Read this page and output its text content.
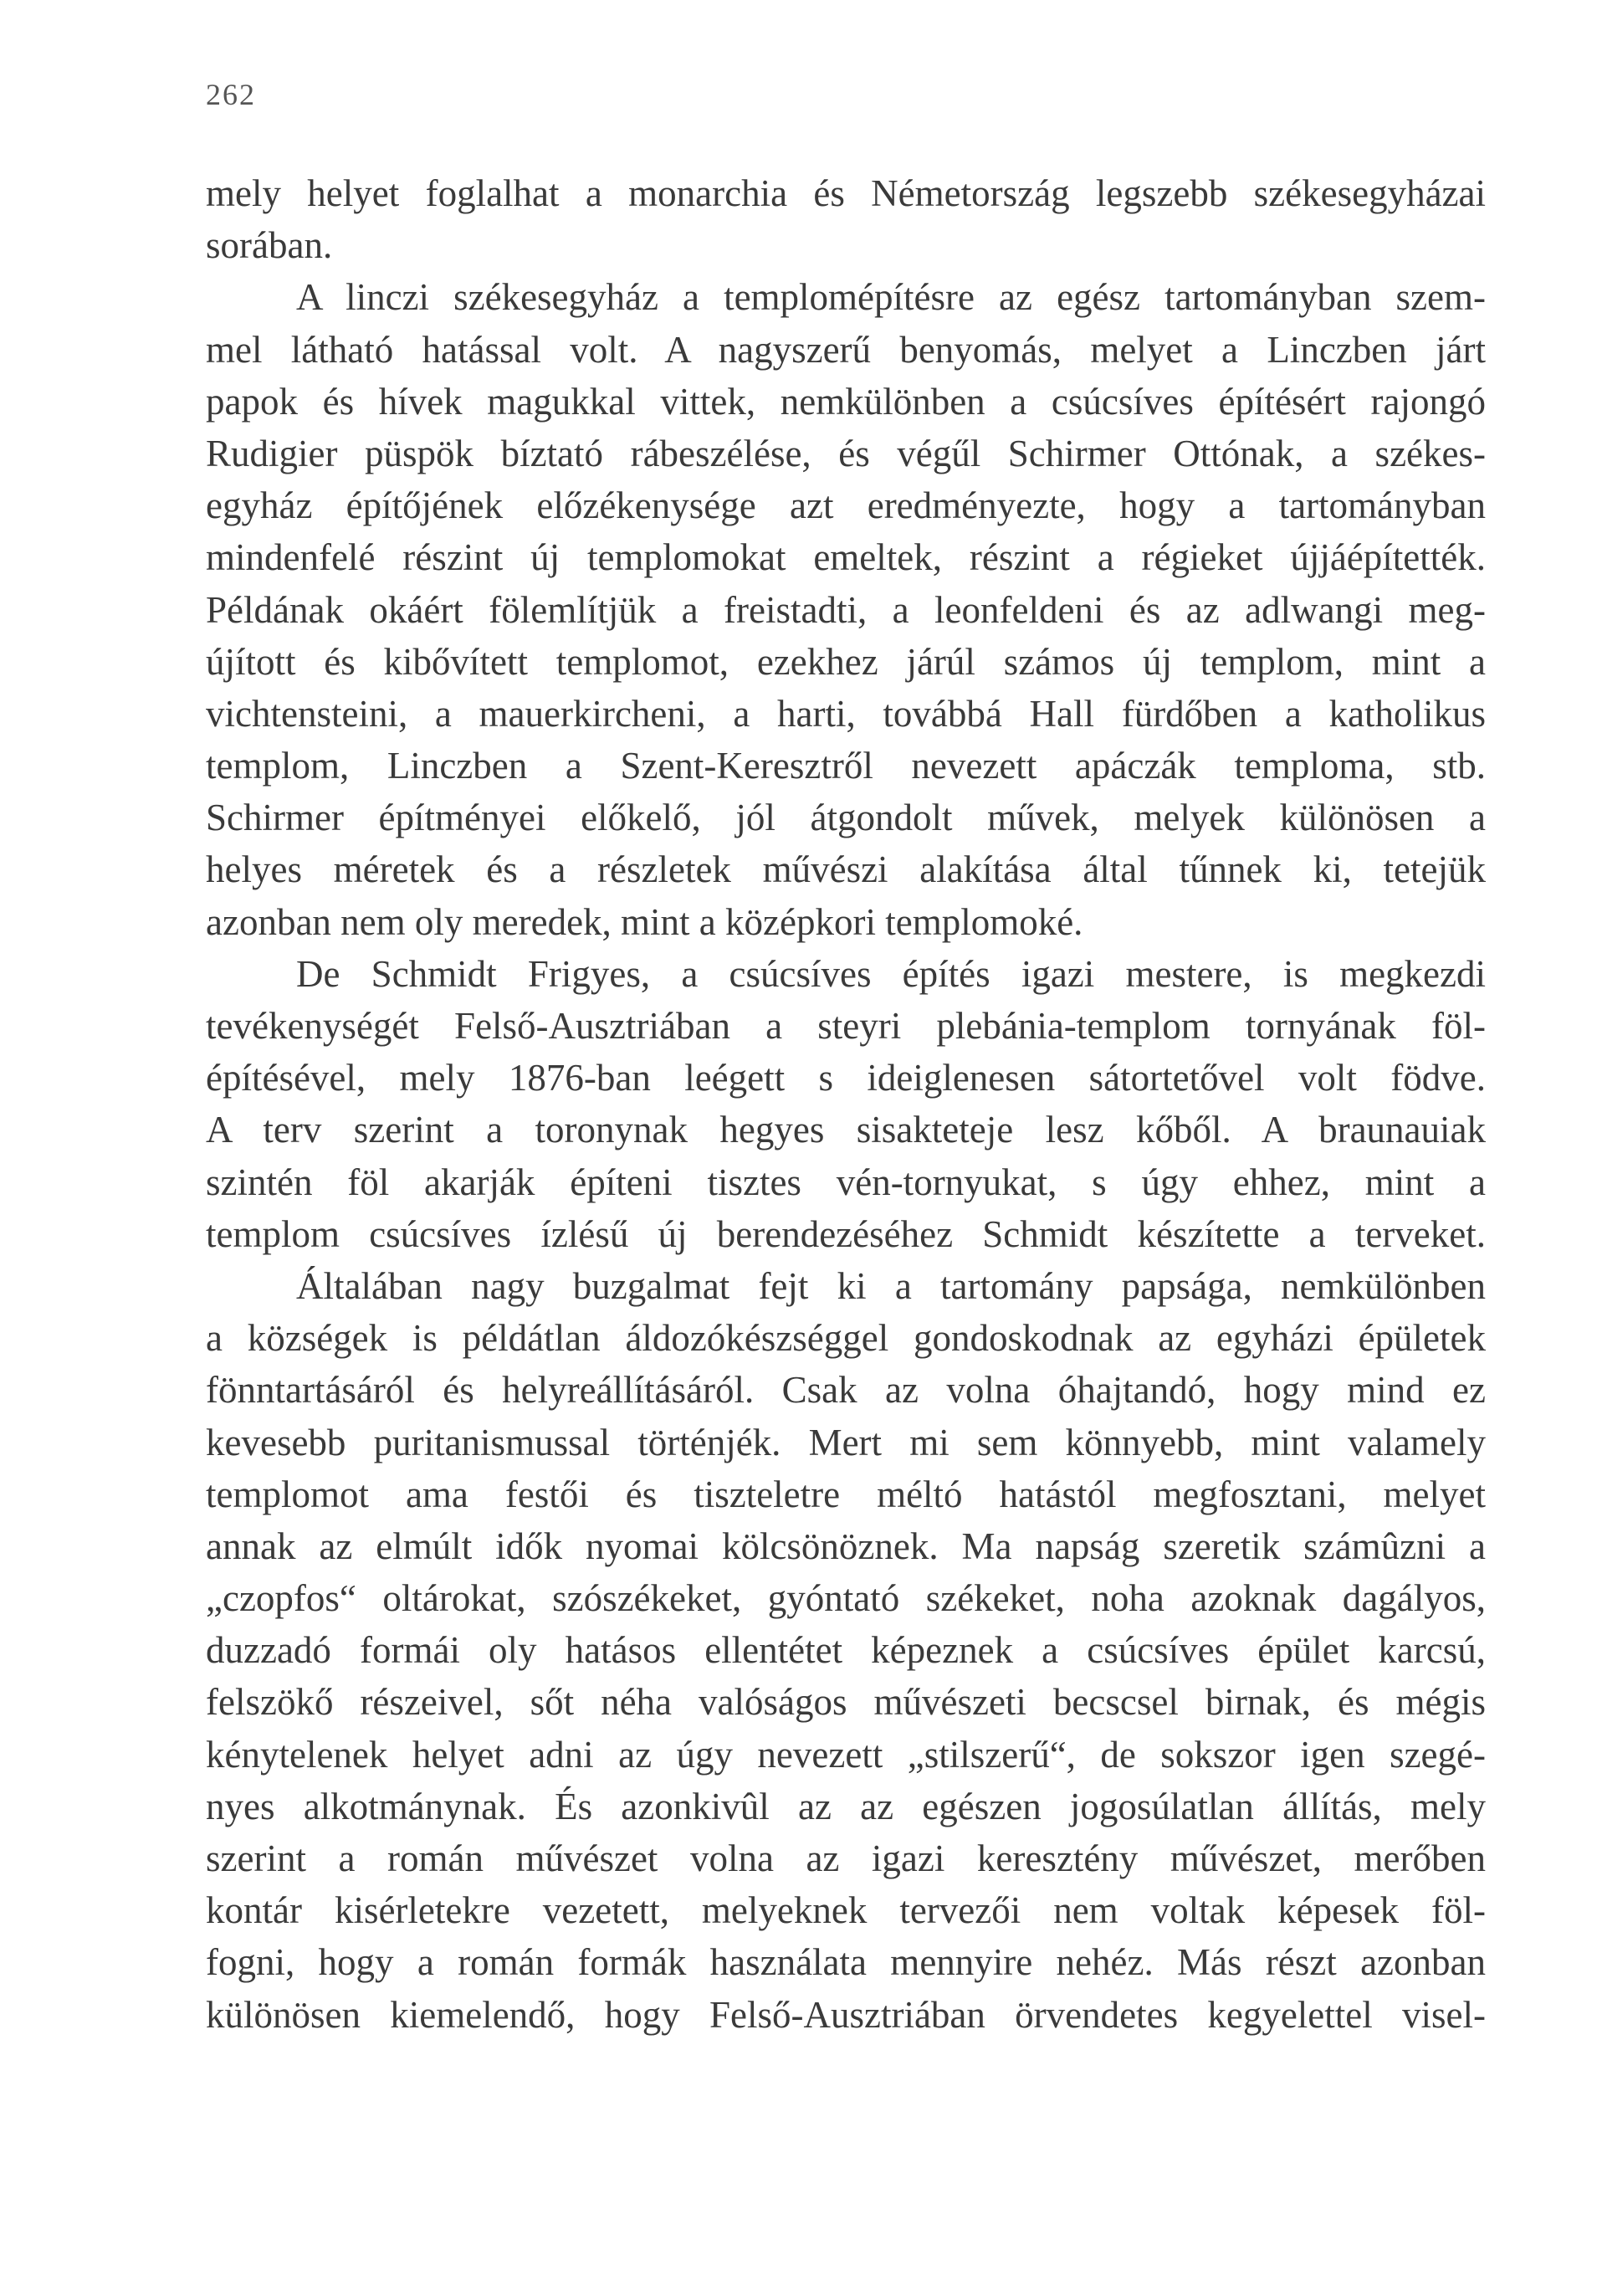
262
mely helyet foglalhat a monarchia és Németország legszebb székesegyházai
sorában.
A linczi székesegyház a templomépítésre az egész tartományban szem-
mel látható hatással volt. A nagyszerű benyomás, melyet a Linczben járt
papok és hívek magukkal vittek, nemkülönben a csúcsíves építésért rajongó
Rudigier püspök bíztató rábeszélése, és végűl Schirmer Ottónak, a székes-
egyház építőjének előzékenysége azt eredményezte, hogy a tartományban
mindenfelé részint új templomokat emeltek, részint a régieket újjáépítették.
Példának okáért fölemlítjük a freistadti, a leonfeldeni és az adlwangi meg-
újított és kibővített templomot, ezekhez járúl számos új templom, mint a
vichtensteini, a mauerkircheni, a harti, továbbá Hall fürdőben a katholikus
templom, Linczben a Szent-Keresztről nevezett apáczák temploma, stb.
Schirmer építményei előkelő, jól átgondolt művek, melyek különösen a
helyes méretek és a részletek művészi alakítása által tűnnek ki, tetejük
azonban nem oly meredek, mint a középkori templomoké.
De Schmidt Frigyes, a csúcsíves építés igazi mestere, is megkezdi
tevékenységét Felső-Ausztriában a steyri plebánia-templom tornyának föl-
építésével, mely 1876-ban leégett s ideiglenesen sátortetővel volt födve.
A terv szerint a toronynak hegyes sisakteteje lesz kőből. A braunauiak
szintén föl akarják építeni tisztes vén-tornyukat, s úgy ehhez, mint a
templom csúcsíves ízlésű új berendezéséhez Schmidt készítette a terveket.
Általában nagy buzgalmat fejt ki a tartomány papsága, nemkülönben
a községek is példátlan áldozókészséggel gondoskodnak az egyházi épületek
fönntartásáról és helyreállításáról. Csak az volna óhajtandó, hogy mind ez
kevesebb puritanismussal történjék. Mert mi sem könnyebb, mint valamely
templomot ama festői és tiszteletre méltó hatástól megfosztani, melyet
annak az elmúlt idők nyomai kölcsönöznek. Ma napság szeretik számûzni a
„czopfos“ oltárokat, szószékeket, gyóntató székeket, noha azoknak dagályos,
duzzadó formái oly hatásos ellentétet képeznek a csúcsíves épület karcsú,
felszökő részeivel, sőt néha valóságos művészeti becscsel birnak, és mégis
kénytelenek helyet adni az úgy nevezett „stilszerű“, de sokszor igen szegé-
nyes alkotmánynak. És azonkivûl az az egészen jogosúlatlan állítás, mely
szerint a román művészet volna az igazi keresztény művészet, merőben
kontár kisérletekre vezetett, melyeknek tervezői nem voltak képesek föl-
fogni, hogy a román formák használata mennyire nehéz. Más részt azonban
különösen kiemelendő, hogy Felső-Ausztriában örvendetes kegyelettel visel-
